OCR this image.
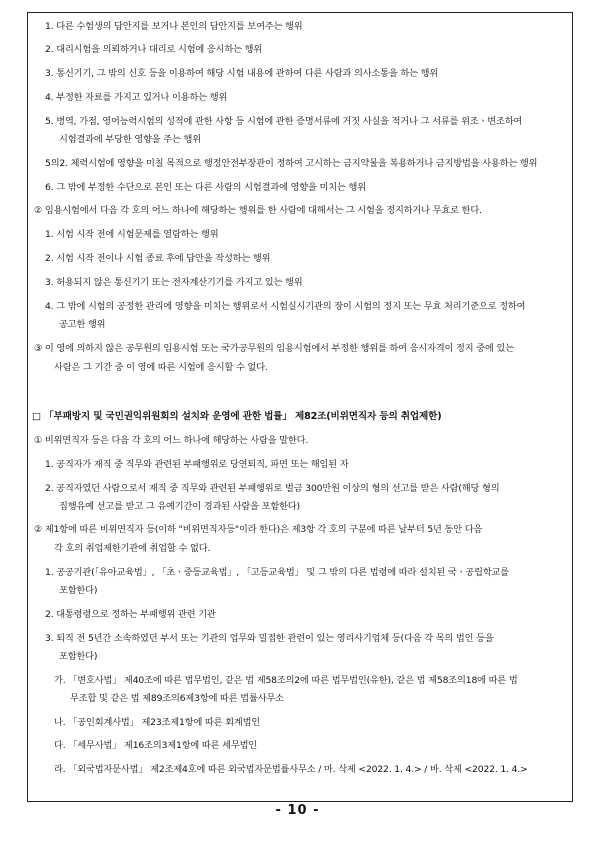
1. 다른 수험생의 답안지를 보거나 본인의 답안지를 보여주는 행위
2. 대리시험을 의뢰하거나 대리로 시험에 응시하는 행위
3. 통신기기, 그 밖의 신호 등을 이용하여 해당 시험 내용에 관하여 다른 사람과 의사소통을 하는 행위
4. 부정한 자료를 가지고 있거나 이용하는 행위
5. 병역, 가점, 영어능력시험의 성적에 관한 사항 등 시험에 관한 증명서류에 거짓 사실을 적거나 그 서류를 위조ㆍ변조하여
시험결과에 부당한 영향을 주는 행위
5의2. 체력시험에 영향을 미칠 목적으로 행정안전부장관이 정하여 고시하는 금지약물을 복용하거나 금지방법을 사용하는 행위
6. 그 밖에 부정한 수단으로 본인 또는 다른 사람의 시험결과에 영향을 미치는 행위
② 임용시험에서 다음 각 호의 어느 하나에 해당하는 행위를 한 사람에 대해서는 그 시험을 정지하거나 무효로 한다.
1. 시험 시작 전에 시험문제를 열람하는 행위
2. 시험 시작 전이나 시험 종료 후에 답안을 작성하는 행위
3. 허용되지 않은 통신기기 또는 전자계산기기를 가지고 있는 행위
4. 그 밖에 시험의 공정한 관리에 영향을 미치는 행위로서 시험실시기관의 장이 시험의 정지 또는 무효 처리기준으로 정하여
공고한 행위
③ 이 영에 의하지 않은 공무원의 임용시험 또는 국가공무원의 임용시험에서 부정한 행위를 하여 응시자격이 정지 중에 있는
사람은 그 기간 중 이 영에 따른 시험에 응시할 수 없다.
□ 「부패방지 및 국민권익위원회의 설치와 운영에 관한 법률」 제82조(비위면직자 등의 취업제한)
① 비위면직자 등은 다음 각 호의 어느 하나에 해당하는 사람을 말한다.
1. 공직자가 재직 중 직무와 관련된 부패행위로 당연퇴직, 파면 또는 해임된 자
2. 공직자였던 사람으로서 재직 중 직무와 관련된 부패행위로 벌금 300만원 이상의 형의 선고를 받은 사람(해당 형의
집행유예 선고를 받고 그 유예기간이 경과된 사람을 포함한다)
② 제1항에 따른 비위면직자 등(이하 "비위면직자등"이라 한다)은 제3항 각 호의 구분에 따른 날부터 5년 동안 다음
각 호의 취업제한기관에 취업할 수 없다.
1. 공공기관(「유아교육법」, 「초ㆍ중등교육법」, 「고등교육법」 및 그 밖의 다른 법령에 따라 설치된 국ㆍ공립학교를
포함한다)
2. 대통령령으로 정하는 부패행위 관련 기관
3. 퇴직 전 5년간 소속하였던 부서 또는 기관의 업무와 밀접한 관련이 있는 영리사기업체 등(다음 각 목의 법인 등을
포함한다)
가. 「변호사법」 제40조에 따른 법무법인, 같은 법 제58조의2에 따른 법무법인(유한), 같은 법 제58조의18에 따른 법
무조합 및 같은 법 제89조의6제3항에 따른 법률사무소
나. 「공인회계사법」 제23조제1항에 따른 회계법인
다. 「세무사법」 제16조의3제1항에 따른 세무법인
라. 「외국법자문사법」 제2조제4호에 따른 외국법자문법률사무소 / 마. 삭제 <2022. 1. 4.> / 바. 삭제 <2022. 1. 4.>
- 10 -
